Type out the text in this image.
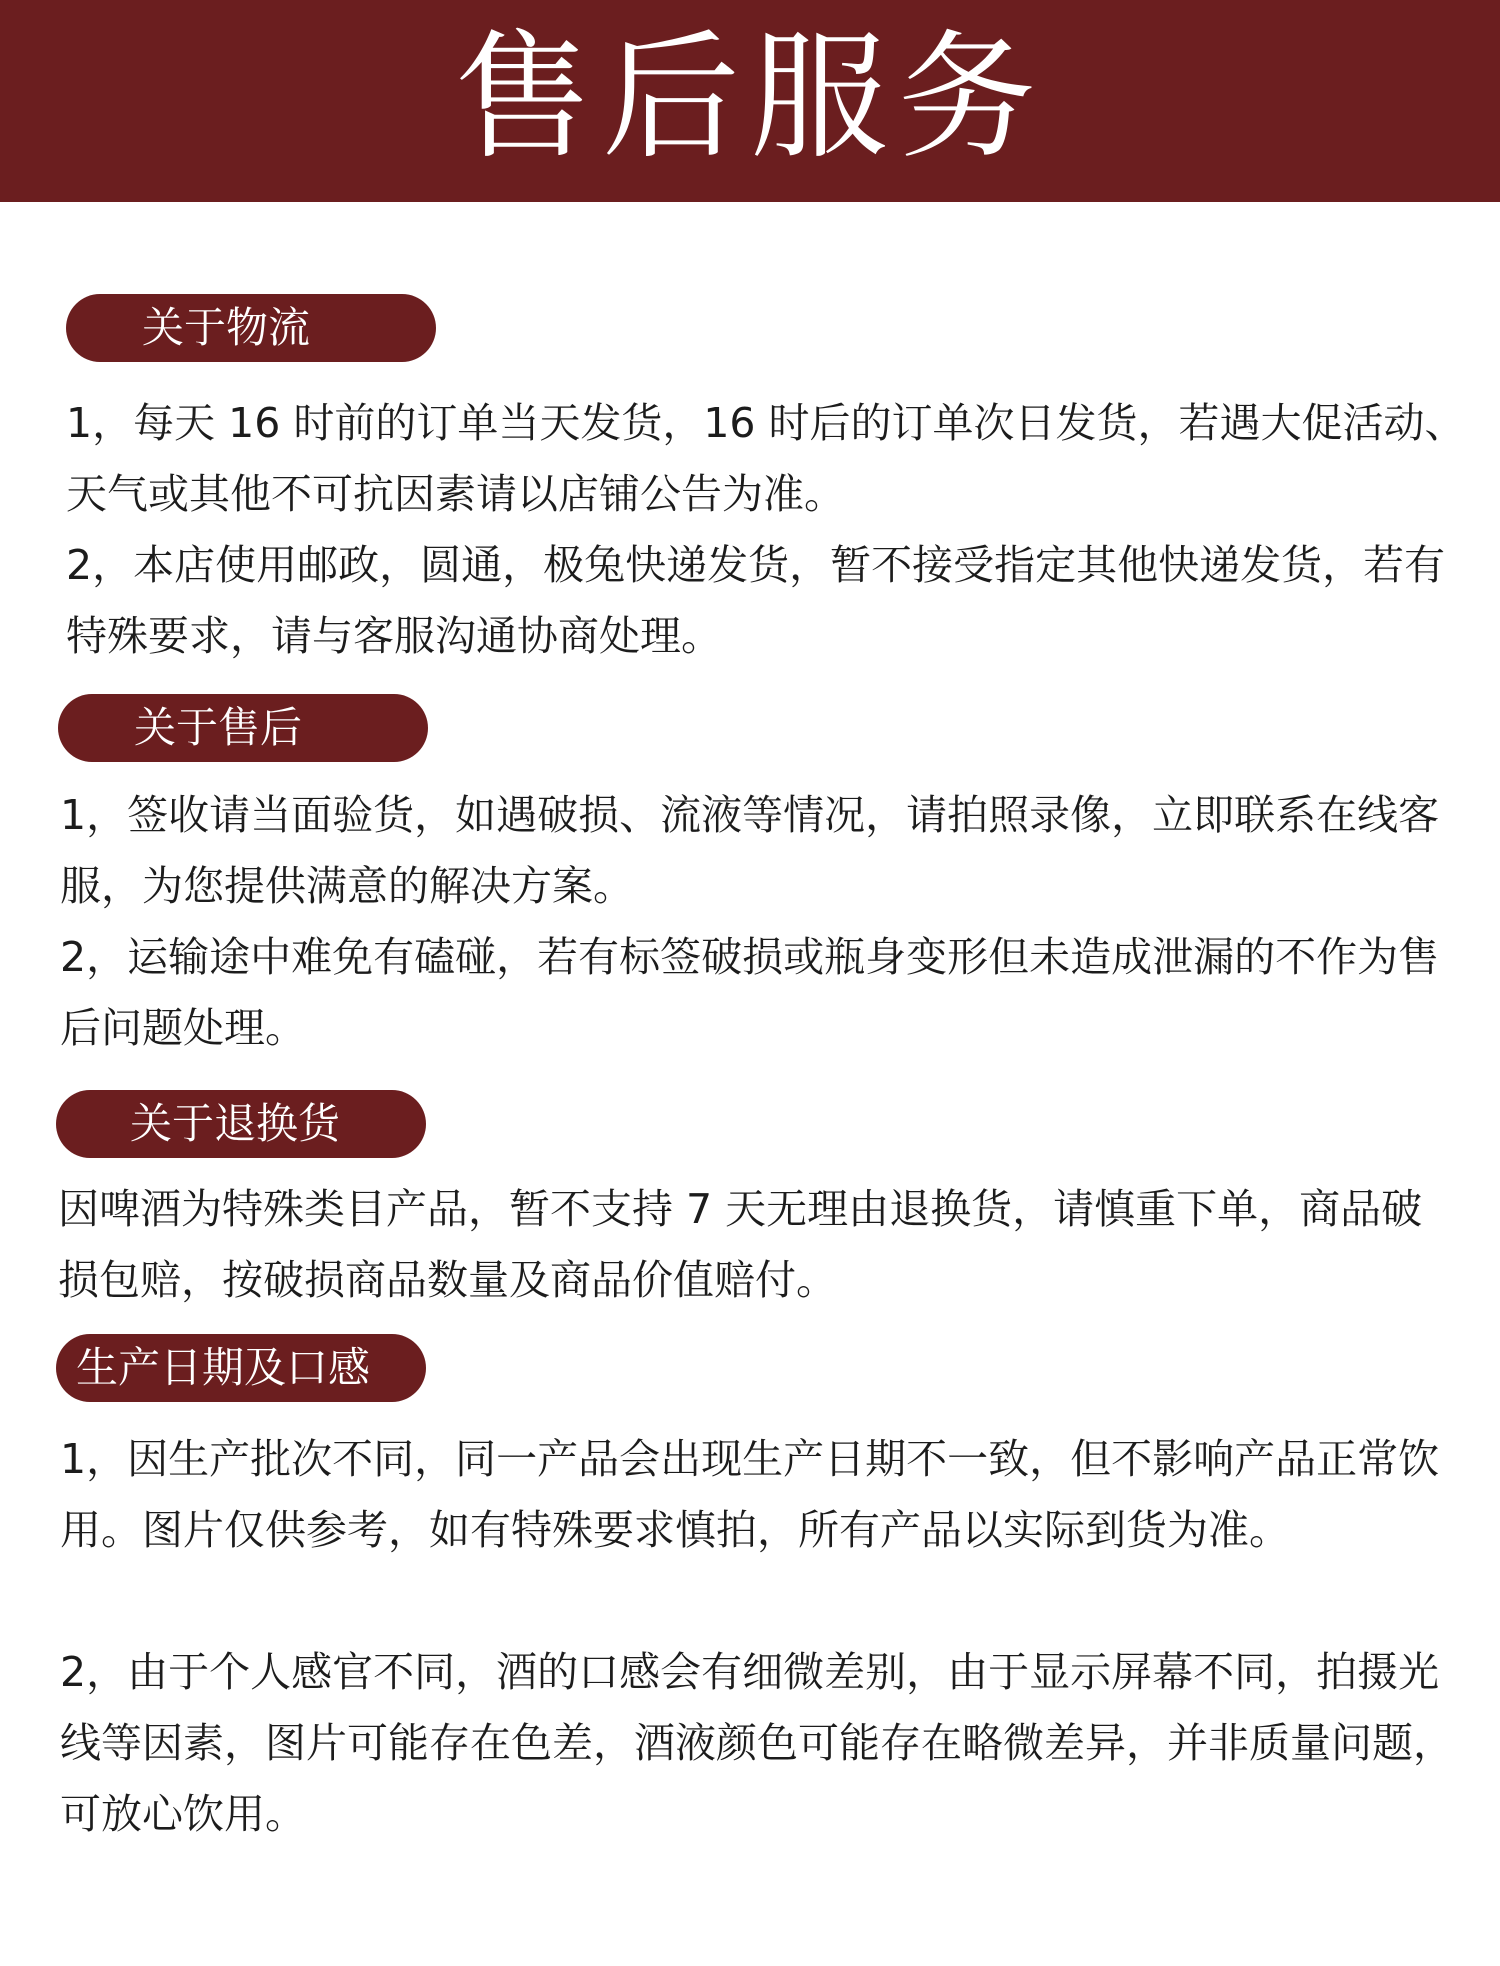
售后服务
关于物流

1，每天 16 时前的订单当天发货，16 时后的订单次日发货，若遇大促活动、天气或其他不可抗因素请以店铺公告为准。

2，本店使用邮政，圆通，极兔快递发货，暂不接受指定其他快递发货，若有特殊要求，请与客服沟通协商处理。

关于售后

1，签收请当面验货，如遇破损、流液等情况，请拍照录像，立即联系在线客服，为您提供满意的解决方案。

2，运输途中难免有磕碰，若有标签破损或瓶身变形但未造成泄漏的不作为售后问题处理。

关于退换货

因啤酒为特殊类目产品，暂不支持 7 天无理由退换货，请慎重下单，商品破损包赔，按破损商品数量及商品价值赔付。

生产日期及口感

1，因生产批次不同，同一产品会出现生产日期不一致，但不影响产品正常饮用。图片仅供参考，如有特殊要求慎拍，所有产品以实际到货为准。

2，由于个人感官不同，酒的口感会有细微差别，由于显示屏幕不同，拍摄光线等因素，图片可能存在色差，酒液颜色可能存在略微差异，并非质量问题，可放心饮用。
